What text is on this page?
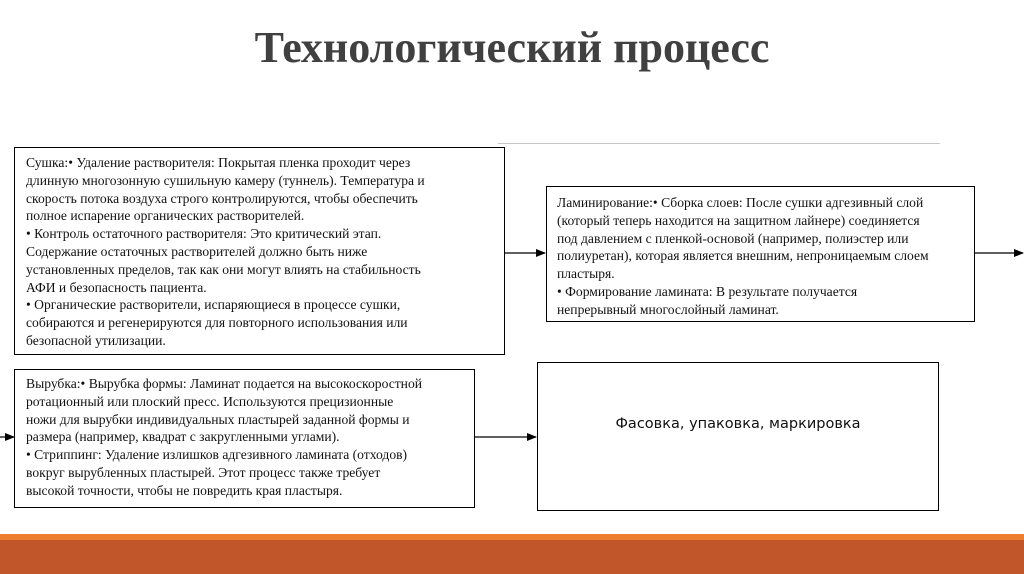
Технологический процесс

Сушка:• Удаление растворителя: Покрытая пленка проходит через

длинную многозонную сушильную камеру (туннель). Температура и

скорость потока воздуха строго контролируются, чтобы обеспечить

полное испарение органических растворителей.

• Контроль остаточного растворителя: Это критический этап.

Содержание остаточных растворителей должно быть ниже

установленных пределов, так как они могут влиять на стабильность

АФИ и безопасность пациента.

• Органические растворители, испаряющиеся в процессе сушки,

собираются и регенерируются для повторного использования или

безопасной утилизации.

Ламинирование:• Сборка слоев: После сушки адгезивный слой

(который теперь находится на защитном лайнере) соединяется

под давлением с пленкой-основой (например, полиэстер или

полиуретан), которая является внешним, непроницаемым слоем

пластыря.

• Формирование ламината: В результате получается

непрерывный многослойный ламинат.

Вырубка:• Вырубка формы: Ламинат подается на высокоскоростной

ротационный или плоский пресс. Используются прецизионные

ножи для вырубки индивидуальных пластырей заданной формы и

размера (например, квадрат с закругленными углами).

• Стриппинг: Удаление излишков адгезивного ламината (отходов)

вокруг вырубленных пластырей. Этот процесс также требует

высокой точности, чтобы не повредить края пластыря.

Фасовка, упаковка, маркировка
